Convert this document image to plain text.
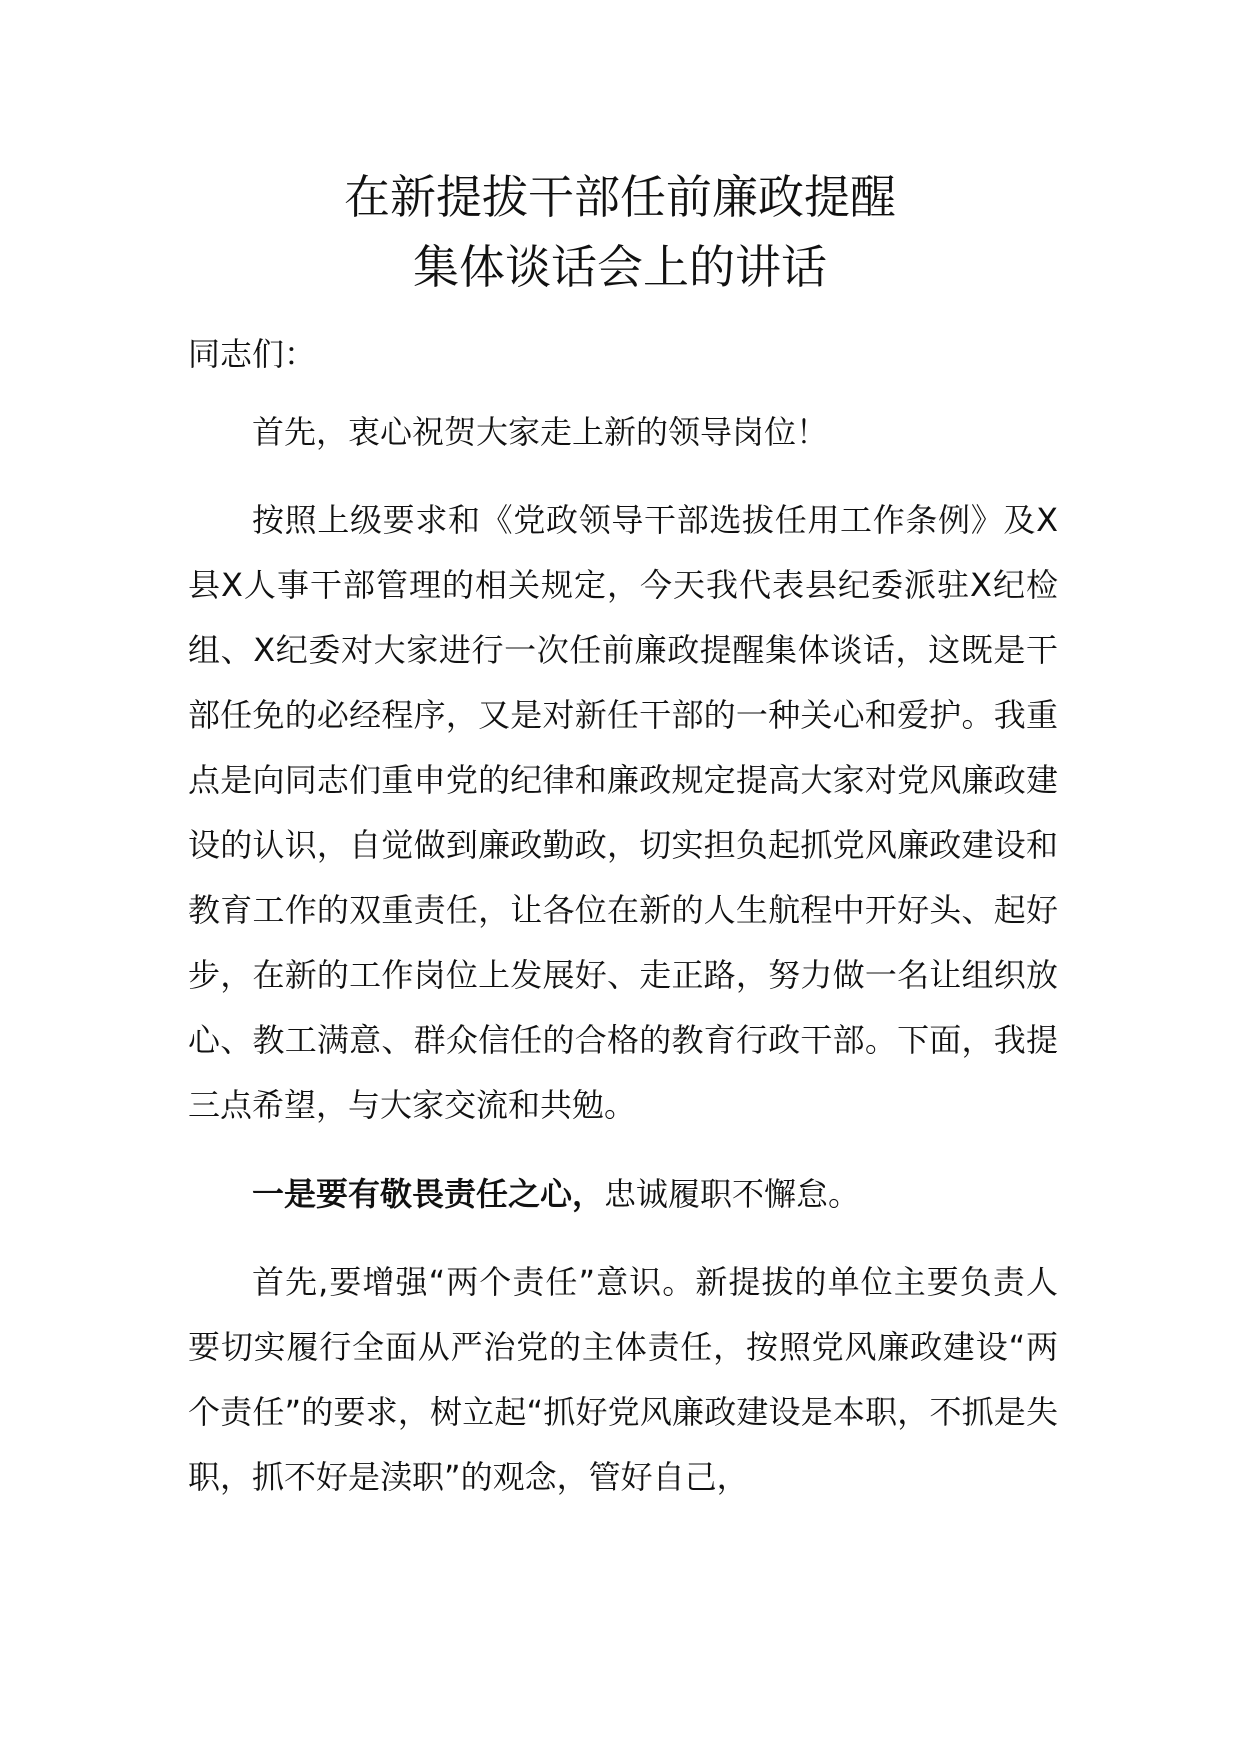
在新提拔干部任前廉政提醒
集体谈话会上的讲话
同志们：
首先，衷心祝贺大家走上新的领导岗位！
按照上级要求和《党政领导干部选拔任用工作条例》及X县X人事干部管理的相关规定，今天我代表县纪委派驻X纪检组、X纪委对大家进行一次任前廉政提醒集体谈话，这既是干部任免的必经程序，又是对新任干部的一种关心和爱护。我重点是向同志们重申党的纪律和廉政规定提高大家对党风廉政建设的认识，自觉做到廉政勤政，切实担负起抓党风廉政建设和教育工作的双重责任，让各位在新的人生航程中开好头、起好步，在新的工作岗位上发展好、走正路，努力做一名让组织放心、教工满意、群众信任的合格的教育行政干部。下面，我提三点希望，与大家交流和共勉。
一是要有敬畏责任之心，忠诚履职不懈怠。
首先,要增强“两个责任”意识。新提拔的单位主要负责人要切实履行全面从严治党的主体责任，按照党风廉政建设“两个责任”的要求，树立起“抓好党风廉政建设是本职，不抓是失职，抓不好是渎职”的观念，管好自己，
